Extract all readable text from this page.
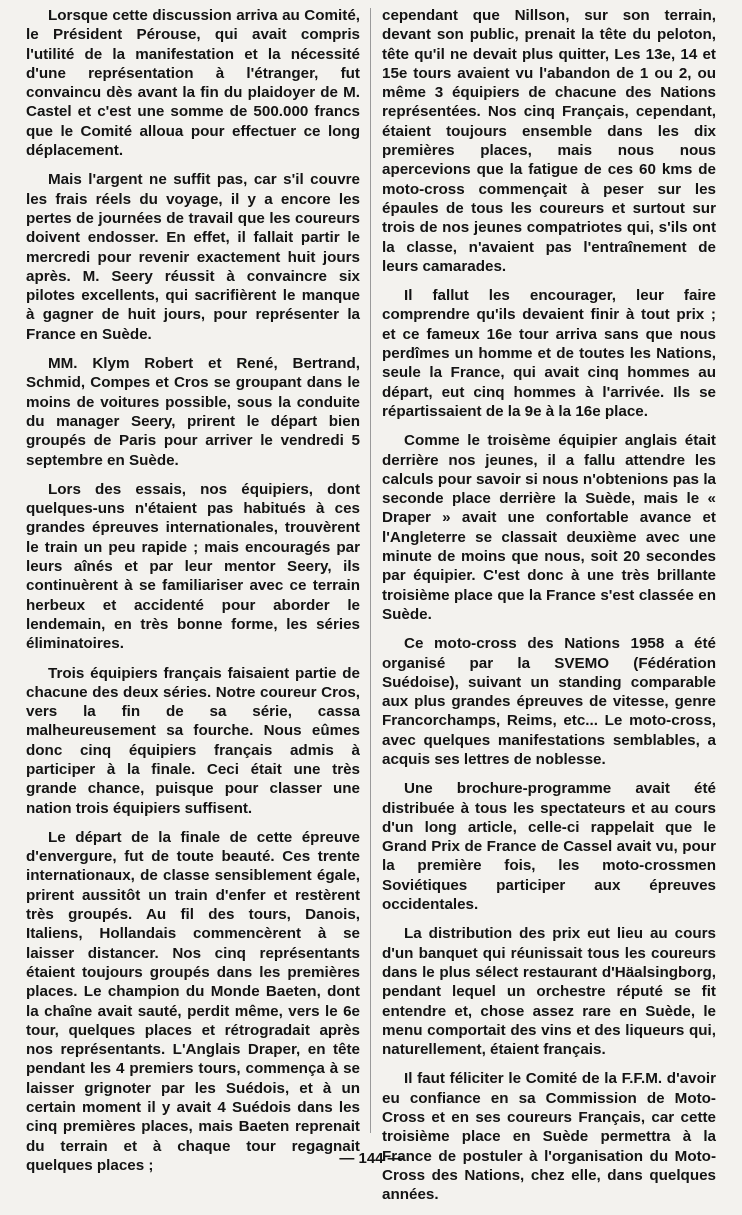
Lorsque cette discussion arriva au Comité, le Président Pérouse, qui avait compris l'utilité de la manifestation et la nécessité d'une représentation à l'étranger, fut convaincu dès avant la fin du plaidoyer de M. Castel et c'est une somme de 500.000 francs que le Comité alloua pour effectuer ce long déplacement.

Mais l'argent ne suffit pas, car s'il couvre les frais réels du voyage, il y a encore les pertes de journées de travail que les coureurs doivent endosser. En effet, il fallait partir le mercredi pour revenir exactement huit jours après. M. Seery réussit à convaincre six pilotes excellents, qui sacrifièrent le manque à gagner de huit jours, pour représenter la France en Suède.

MM. Klym Robert et René, Bertrand, Schmid, Compes et Cros se groupant dans le moins de voitures possible, sous la conduite du manager Seery, prirent le départ bien groupés de Paris pour arriver le vendredi 5 septembre en Suède.

Lors des essais, nos équipiers, dont quelques-uns n'étaient pas habitués à ces grandes épreuves internationales, trouvèrent le train un peu rapide ; mais encouragés par leurs aînés et par leur mentor Seery, ils continuèrent à se familiariser avec ce terrain herbeux et accidenté pour aborder le lendemain, en très bonne forme, les séries éliminatoires.

Trois équipiers français faisaient partie de chacune des deux séries. Notre coureur Cros, vers la fin de sa série, cassa malheureusement sa fourche. Nous eûmes donc cinq équipiers français admis à participer à la finale. Ceci était une très grande chance, puisque pour classer une nation trois équipiers suffisent.

Le départ de la finale de cette épreuve d'envergure, fut de toute beauté. Ces trente internationaux, de classe sensiblement égale, prirent aussitôt un train d'enfer et restèrent très groupés. Au fil des tours, Danois, Italiens, Hollandais commencèrent à se laisser distancer. Nos cinq représentants étaient toujours groupés dans les premières places. Le champion du Monde Baeten, dont la chaîne avait sauté, perdit même, vers le 6e tour, quelques places et rétrogradait après nos représentants. L'Anglais Draper, en tête pendant les 4 premiers tours, commença à se laisser grignoter par les Suédois, et à un certain moment il y avait 4 Suédois dans les cinq premières places, mais Baeten reprenait du terrain et à chaque tour regagnait quelques places ;

cependant que Nillson, sur son terrain, devant son public, prenait la tête du peloton, tête qu'il ne devait plus quitter, Les 13e, 14 et 15e tours avaient vu l'abandon de 1 ou 2, ou même 3 équipiers de chacune des Nations représentées. Nos cinq Français, cependant, étaient toujours ensemble dans les dix premières places, mais nous nous apercevions que la fatigue de ces 60 kms de moto-cross commençait à peser sur les épaules de tous les coureurs et surtout sur trois de nos jeunes compatriotes qui, s'ils ont la classe, n'avaient pas l'entraînement de leurs camarades.

Il fallut les encourager, leur faire comprendre qu'ils devaient finir à tout prix ; et ce fameux 16e tour arriva sans que nous perdîmes un homme et de toutes les Nations, seule la France, qui avait cinq hommes au départ, eut cinq hommes à l'arrivée. Ils se répartissaient de la 9e à la 16e place.

Comme le troisème équipier anglais était derrière nos jeunes, il a fallu attendre les calculs pour savoir si nous n'obtenions pas la seconde place derrière la Suède, mais le « Draper » avait une confortable avance et l'Angleterre se classait deuxième avec une minute de moins que nous, soit 20 secondes par équipier. C'est donc à une très brillante troisième place que la France s'est classée en Suède.

Ce moto-cross des Nations 1958 a été organisé par la SVEMO (Fédération Suédoise), suivant un standing comparable aux plus grandes épreuves de vitesse, genre Francorchamps, Reims, etc... Le moto-cross, avec quelques manifestations semblables, a acquis ses lettres de noblesse.

Une brochure-programme avait été distribuée à tous les spectateurs et au cours d'un long article, celle-ci rappelait que le Grand Prix de France de Cassel avait vu, pour la première fois, les moto-crossmen Soviétiques participer aux épreuves occidentales.

La distribution des prix eut lieu au cours d'un banquet qui réunissait tous les coureurs dans le plus sélect restaurant d'Häalsingborg, pendant lequel un orchestre réputé se fit entendre et, chose assez rare en Suède, le menu comportait des vins et des liqueurs qui, naturellement, étaient français.

Il faut féliciter le Comité de la F.F.M. d'avoir eu confiance en sa Commission de Moto-Cross et en ses coureurs Français, car cette troisième place en Suède permettra à la France de postuler à l'organisation du Moto-Cross des Nations, chez elle, dans quelques années.

— 144 —
